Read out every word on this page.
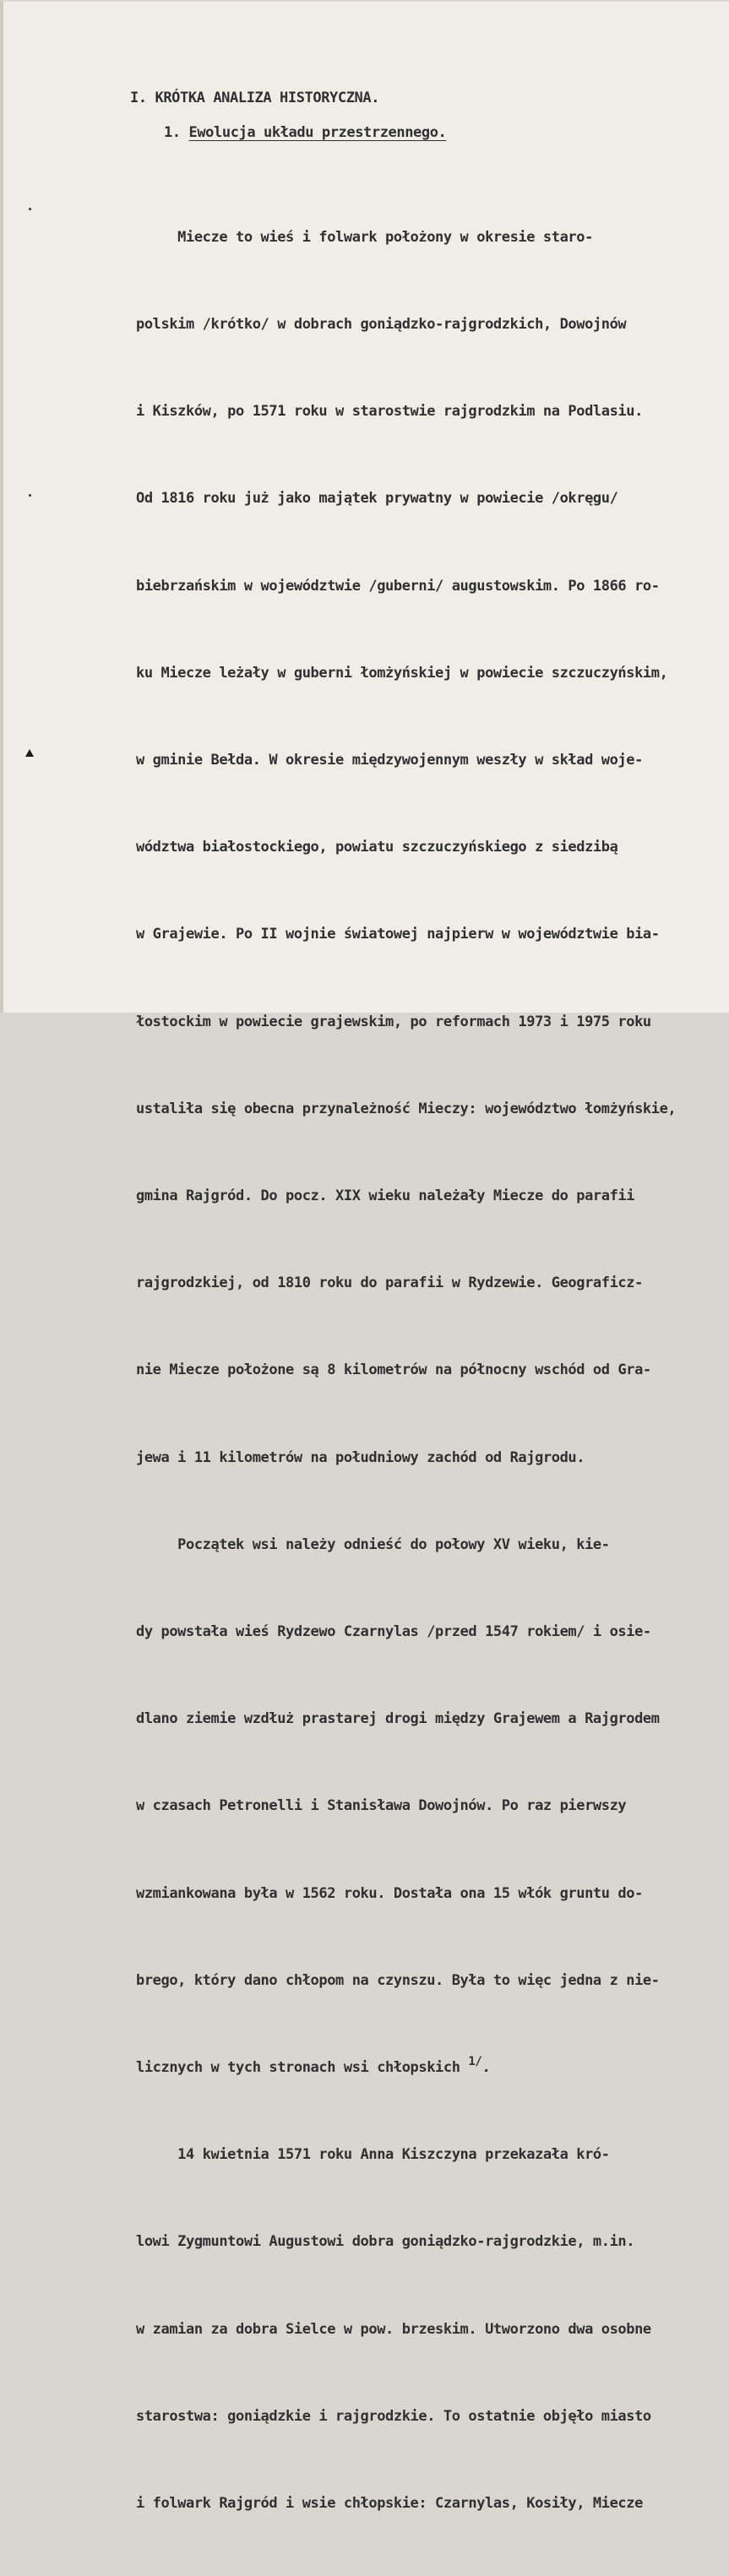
I. KRÓTKA ANALIZA HISTORYCZNA.
1. Ewolucja układu przestrzennego.

Miecze to wieś i folwark położony w okresie staro-

polskim /krótko/ w dobrach goniądzko-rajgrodzkich, Dowojnów

i Kiszków, po 1571 roku w starostwie rajgrodzkim na Podlasiu.

Od 1816 roku już jako majątek prywatny w powiecie /okręgu/

biebrzańskim w województwie /guberni/ augustowskim. Po 1866 ro-

ku Miecze leżały w guberni łomżyńskiej w powiecie szczuczyńskim,

w gminie Bełda. W okresie międzywojennym weszły w skład woje-

wództwa białostockiego, powiatu szczuczyńskiego z siedzibą

w Grajewie. Po II wojnie światowej najpierw w województwie bia-

łostockim w powiecie grajewskim, po reformach 1973 i 1975 roku

ustaliła się obecna przynależność Mieczy: województwo łomżyńskie,

gmina Rajgród. Do pocz. XIX wieku należały Miecze do parafii

rajgrodzkiej, od 1810 roku do parafii w Rydzewie. Geograficz-

nie Miecze położone są 8 kilometrów na północny wschód od Gra-

jewa i 11 kilometrów na południowy zachód od Rajgrodu.

Początek wsi należy odnieść do połowy XV wieku, kie-

dy powstała wieś Rydzewo Czarnylas /przed 1547 rokiem/ i osie-

dlano ziemie wzdłuż prastarej drogi między Grajewem a Rajgrodem

w czasach Petronelli i Stanisława Dowojnów. Po raz pierwszy

wzmiankowana była w 1562 roku. Dostała ona 15 włók gruntu do-

brego, który dano chłopom na czynszu. Była to więc jedna z nie-

licznych w tych stronach wsi chłopskich $^{1/}$.

14 kwietnia 1571 roku Anna Kiszczyna przekazała kró-

lowi Zygmuntowi Augustowi dobra goniądzko-rajgrodzkie, m.in.

w zamian za dobra Sielce w pow. brzeskim. Utworzono dwa osobne

starostwa: goniądzkie i rajgrodzkie. To ostatnie objęło miasto

i folwark Rajgród i wsie chłopskie: Czarnylas, Kosiły, Miecze
